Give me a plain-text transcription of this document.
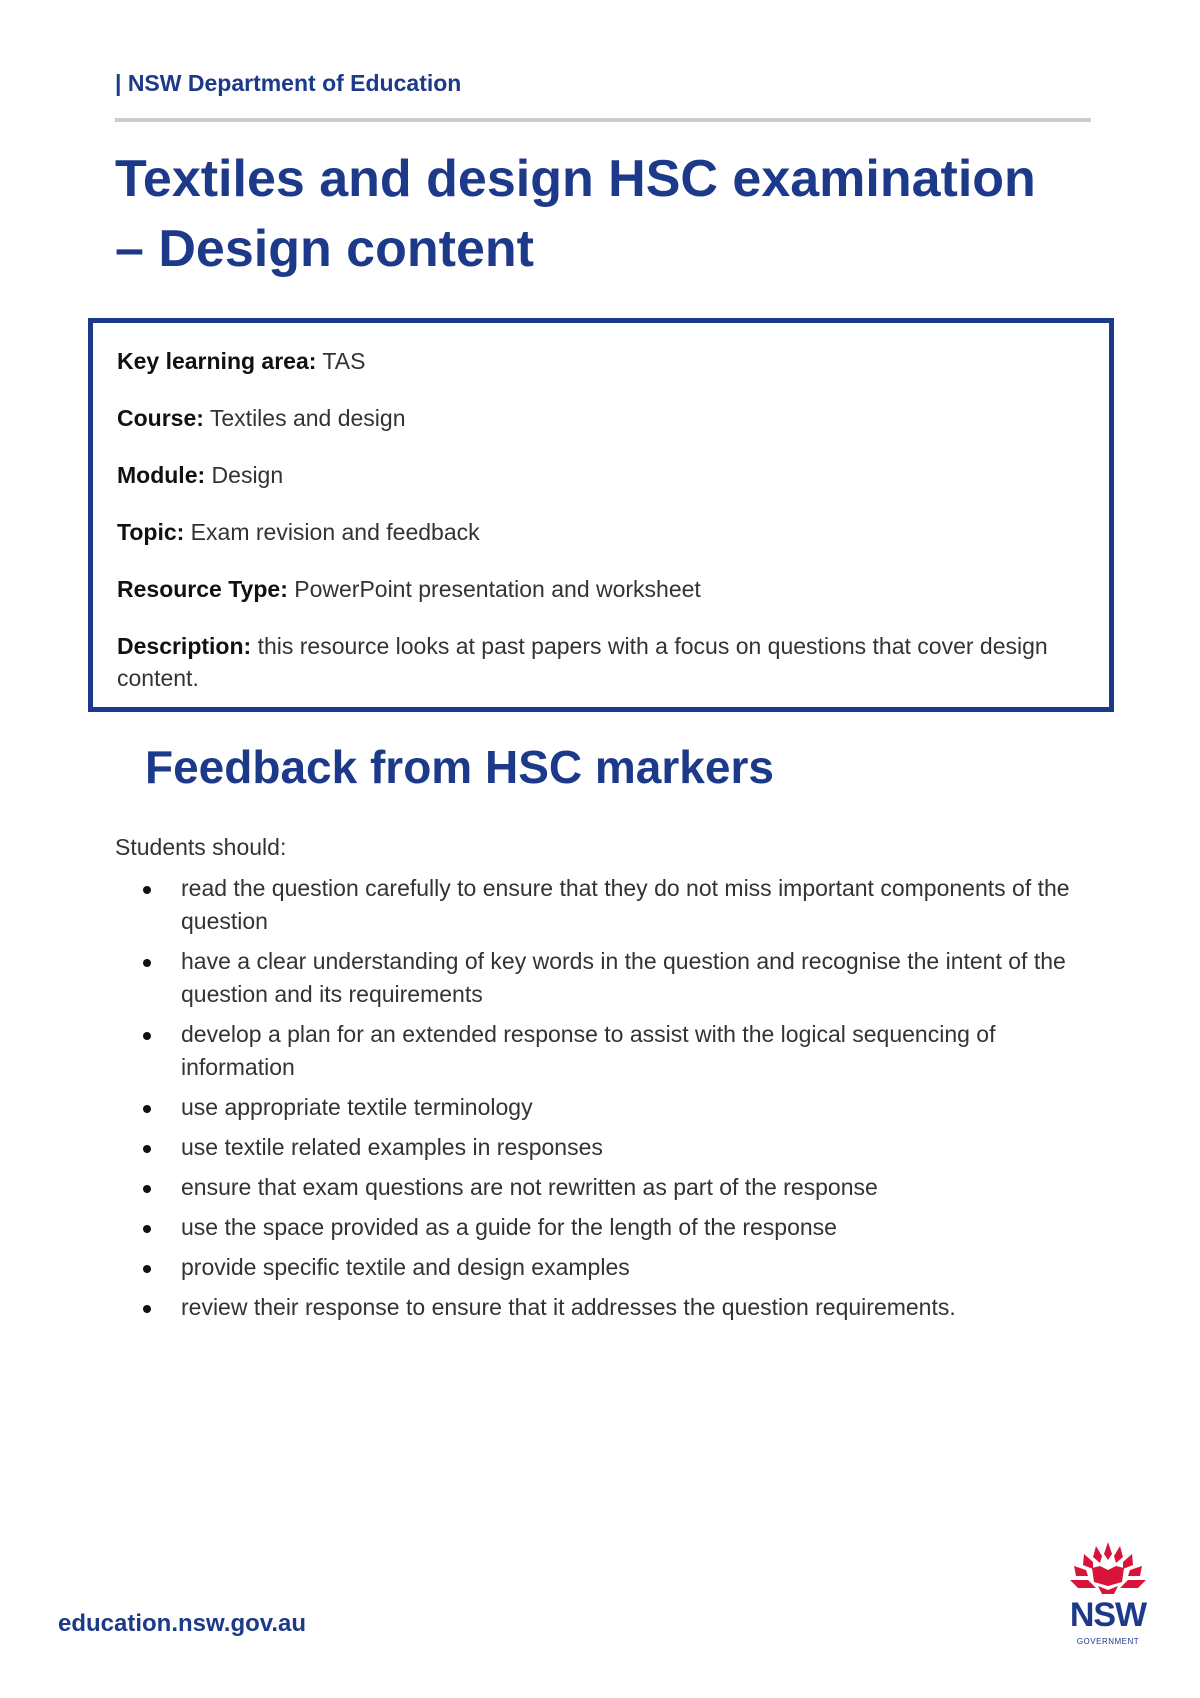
| NSW Department of Education
Textiles and design HSC examination
– Design content

Key learning area: TAS

Course: Textiles and design

Module: Design

Topic: Exam revision and feedback

Resource Type: PowerPoint presentation and worksheet

Description: this resource looks at past papers with a focus on questions that cover design content.

Feedback from HSC markers
Students should:
read the question carefully to ensure that they do not miss important components of the question
have a clear understanding of key words in the question and recognise the intent of the question and its requirements
develop a plan for an extended response to assist with the logical sequencing of information
use appropriate textile terminology
use textile related examples in responses
ensure that exam questions are not rewritten as part of the response
use the space provided as a guide for the length of the response
provide specific textile and design examples
review their response to ensure that it addresses the question requirements.
education.nsw.gov.au	NSW
GOVERNMENT
